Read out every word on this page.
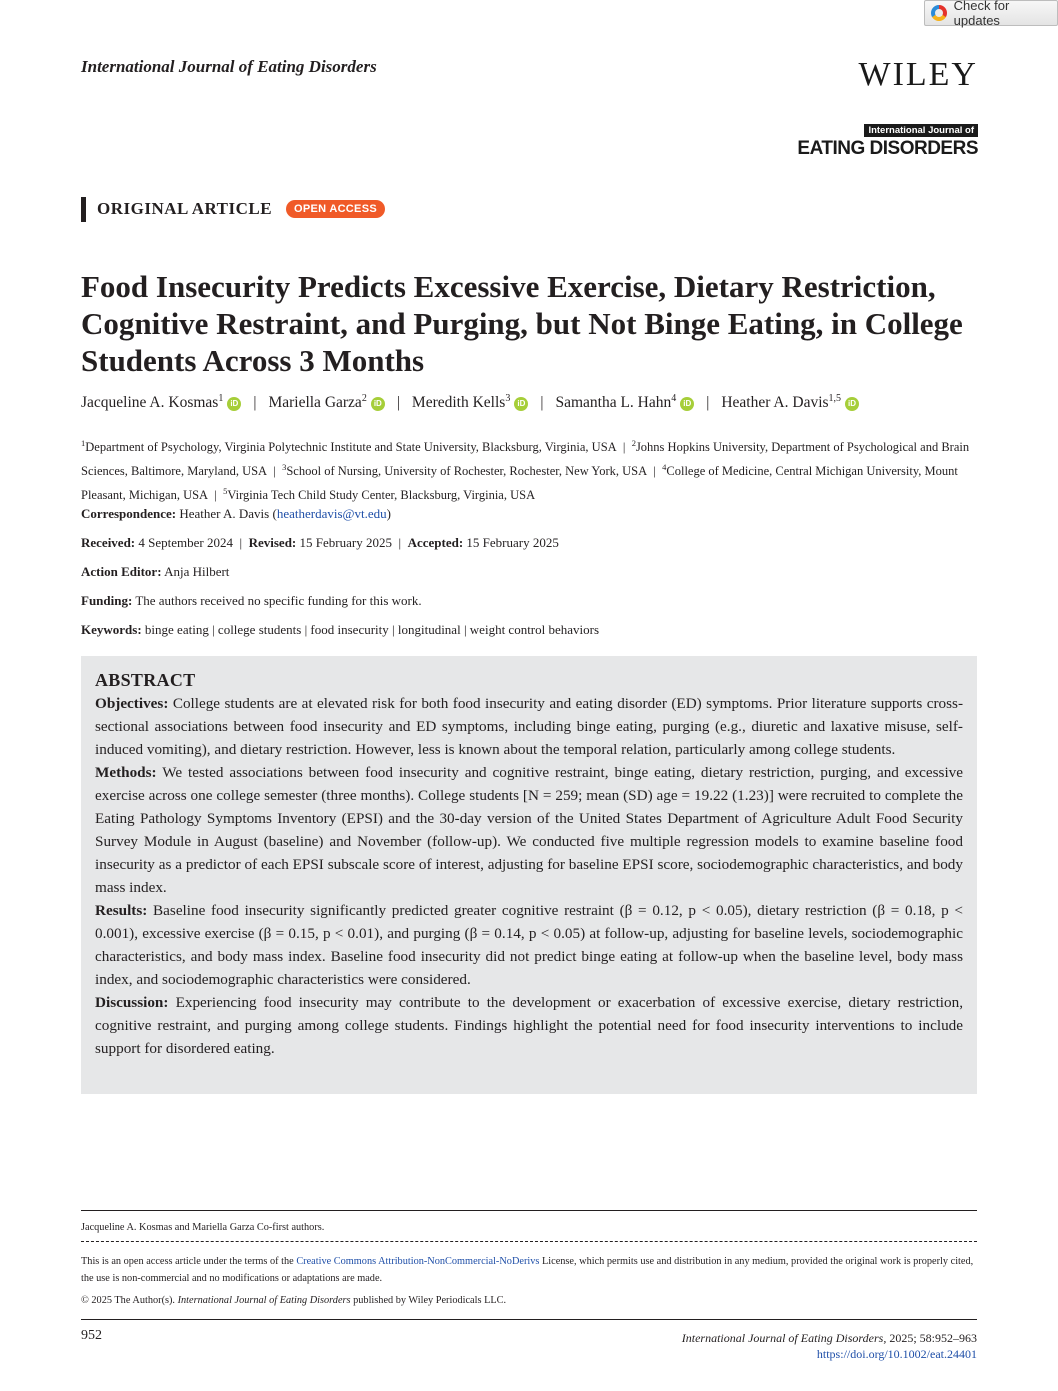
Check for updates
International Journal of Eating Disorders	WILEY
International Journal of
EATING DISORDERS
ORIGINAL ARTICLE	OPEN ACCESS
Food Insecurity Predicts Excessive Exercise, Dietary Restriction, Cognitive Restraint, and Purging, but Not Binge Eating, in College Students Across 3 Months
Jacqueline A. Kosmas$^1$ iD | Mariella Garza$^2$ iD | Meredith Kells$^3$ iD | Samantha L. Hahn$^4$ iD | Heather A. Davis$^{1,5}$ iD
$^1$Department of Psychology, Virginia Polytechnic Institute and State University, Blacksburg, Virginia, USA  |  $^2$Johns Hopkins University, Department of Psychological and Brain Sciences, Baltimore, Maryland, USA  |  $^3$School of Nursing, University of Rochester, Rochester, New York, USA  |  $^4$College of Medicine, Central Michigan University, Mount Pleasant, Michigan, USA  |  $^5$Virginia Tech Child Study Center, Blacksburg, Virginia, USA
Correspondence: Heather A. Davis (heatherdavis@vt.edu)
Received: 4 September 2024  |  Revised: 15 February 2025  |  Accepted: 15 February 2025
Action Editor: Anja Hilbert
Funding: The authors received no specific funding for this work.
Keywords: binge eating | college students | food insecurity | longitudinal | weight control behaviors
ABSTRACT

Objectives: College students are at elevated risk for both food insecurity and eating disorder (ED) symptoms. Prior literature supports cross-sectional associations between food insecurity and ED symptoms, including binge eating, purging (e.g., diuretic and laxative misuse, self-induced vomiting), and dietary restriction. However, less is known about the temporal relation, particularly among college students.

Methods: We tested associations between food insecurity and cognitive restraint, binge eating, dietary restriction, purging, and excessive exercise across one college semester (three months). College students [N = 259; mean (SD) age = 19.22 (1.23)] were recruited to complete the Eating Pathology Symptoms Inventory (EPSI) and the 30-day version of the United States Department of Agriculture Adult Food Security Survey Module in August (baseline) and November (follow-up). We conducted five multiple regression models to examine baseline food insecurity as a predictor of each EPSI subscale score of interest, adjusting for baseline EPSI score, sociodemographic characteristics, and body mass index.

Results: Baseline food insecurity significantly predicted greater cognitive restraint (β = 0.12, p < 0.05), dietary restriction (β = 0.18, p < 0.001), excessive exercise (β = 0.15, p < 0.01), and purging (β = 0.14, p < 0.05) at follow-up, adjusting for baseline levels, sociodemographic characteristics, and body mass index. Baseline food insecurity did not predict binge eating at follow-up when the baseline level, body mass index, and sociodemographic characteristics were considered.

Discussion: Experiencing food insecurity may contribute to the development or exacerbation of excessive exercise, dietary restriction, cognitive restraint, and purging among college students. Findings highlight the potential need for food insecurity interventions to include support for disordered eating.

Jacqueline A. Kosmas and Mariella Garza Co-first authors.
This is an open access article under the terms of the Creative Commons Attribution-NonCommercial-NoDerivs License, which permits use and distribution in any medium, provided the original work is properly cited, the use is non-commercial and no modifications or adaptations are made.
© 2025 The Author(s). International Journal of Eating Disorders published by Wiley Periodicals LLC.
952	International Journal of Eating Disorders, 2025; 58:952–963
https://doi.org/10.1002/eat.24401
